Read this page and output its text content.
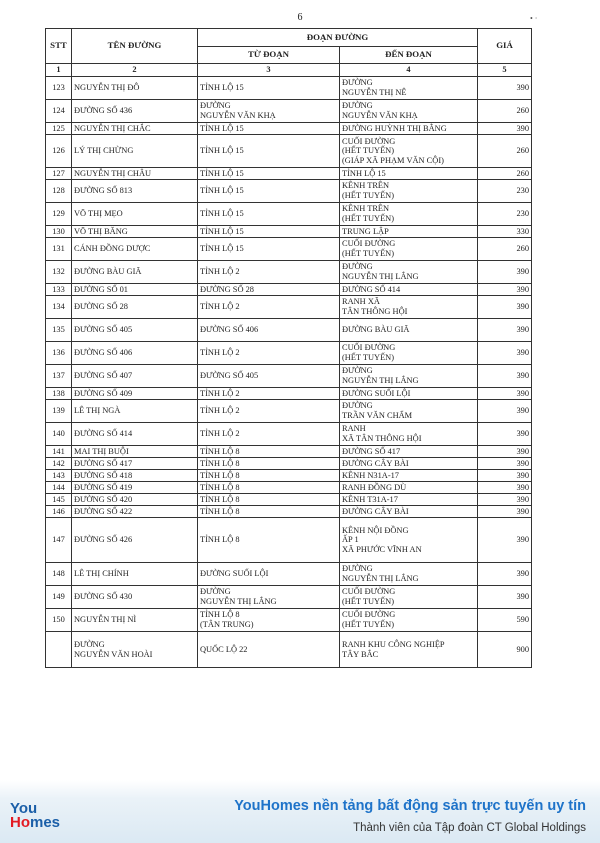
6	• ·
STT	TÊN ĐƯỜNG	ĐOẠN ĐƯỜNG		GIÁ
		TỪ ĐOẠN	ĐẾN ĐOẠN	
1	2	3	4	5
123	NGUYỄN THỊ ĐÔ	TỈNH LỘ 15	ĐƯỜNG
NGUYỄN THỊ NÊ	390
124	ĐƯỜNG SỐ 436	ĐƯỜNG
NGUYỄN VĂN KHẠ	ĐƯỜNG
NGUYỄN VĂN KHẠ	260
125	NGUYỄN THỊ CHẮC	TỈNH LỘ 15	ĐƯỜNG HUỲNH THỊ BẰNG	390
126	LÝ THỊ CHỪNG	TỈNH LỘ 15	CUỐI ĐƯỜNG
(HẾT TUYẾN)
(GIÁP XÃ PHẠM VĂN CỘI)	260
127	NGUYỄN THỊ CHÂU	TỈNH LỘ 15	TỈNH LỘ 15	260
128	ĐƯỜNG SỐ 813	TỈNH LỘ 15	KÊNH TRÊN
(HẾT TUYẾN)	230
129	VÕ THỊ MẸO	TỈNH LỘ 15	KÊNH TRÊN
(HẾT TUYẾN)	230
130	VÕ THỊ BĂNG	TỈNH LỘ 15	TRUNG LẬP	330
131	CÁNH ĐỒNG DƯỢC	TỈNH LỘ 15	CUỐI ĐƯỜNG
(HẾT TUYẾN)	260
132	ĐƯỜNG BÀU GIÃ	TỈNH LỘ 2	ĐƯỜNG
NGUYỄN THỊ LẮNG	390
133	ĐƯỜNG SỐ 01	ĐƯỜNG SỐ 28	ĐƯỜNG SỐ 414	390
134	ĐƯỜNG SỐ 28	TỈNH LỘ 2	RANH XÃ
TÂN THÔNG HỘI	390
135	ĐƯỜNG SỐ 405	ĐƯỜNG SỐ 406	ĐƯỜNG BÀU GIÃ	390
136	ĐƯỜNG SỐ 406	TỈNH LỘ 2	CUỐI ĐƯỜNG
(HẾT TUYẾN)	390
137	ĐƯỜNG SỐ 407	ĐƯỜNG SỐ 405	ĐƯỜNG
NGUYỄN THỊ LẮNG	390
138	ĐƯỜNG SỐ 409	TỈNH LỘ 2	ĐƯỜNG SUỐI LỘI	390
139	LÊ THỊ NGÀ	TỈNH LỘ 2	ĐƯỜNG
TRẦN VĂN CHẨM	390
140	ĐƯỜNG SỐ 414	TỈNH LỘ 2	RANH
XÃ TÂN THÔNG HỘI	390
141	MAI THỊ BUỘI	TỈNH LỘ 8	ĐƯỜNG SỐ 417	390
142	ĐƯỜNG SỐ 417	TỈNH LỘ 8	ĐƯỜNG CÂY BÀI	390
143	ĐƯỜNG SỐ 418	TỈNH LỘ 8	KÊNH N31A-17	390
144	ĐƯỜNG SỐ 419	TỈNH LỘ 8	RANH ĐỒNG DÙ	390
145	ĐƯỜNG SỐ 420	TỈNH LỘ 8	KÊNH T31A-17	390
146	ĐƯỜNG SỐ 422	TỈNH LỘ 8	ĐƯỜNG CÂY BÀI	390
147	ĐƯỜNG SỐ 426	TỈNH LỘ 8	KÊNH NỘI ĐỒNG
ẤP 1
XÃ PHƯỚC VĨNH AN	390
148	LÊ THỊ CHÍNH	ĐƯỜNG SUỐI LỘI	ĐƯỜNG
NGUYỄN THỊ LẮNG	390
149	ĐƯỜNG SỐ 430	ĐƯỜNG
NGUYỄN THỊ LẮNG	CUỐI ĐƯỜNG
(HẾT TUYẾN)	390
150	NGUYỄN THỊ NÌ	TỈNH LỘ 8
(TÂN TRUNG)	CUỐI ĐƯỜNG
(HẾT TUYẾN)	590
	ĐƯỜNG
NGUYỄN VĂN HOÀI	QUỐC LỘ 22	RANH KHU CÔNG NGHIỆP
TÂY BẮC	900
You
Homes
YouHomes nền tảng bất động sản trực tuyến uy tín
Thành viên của Tập đoàn CT Global Holdings
